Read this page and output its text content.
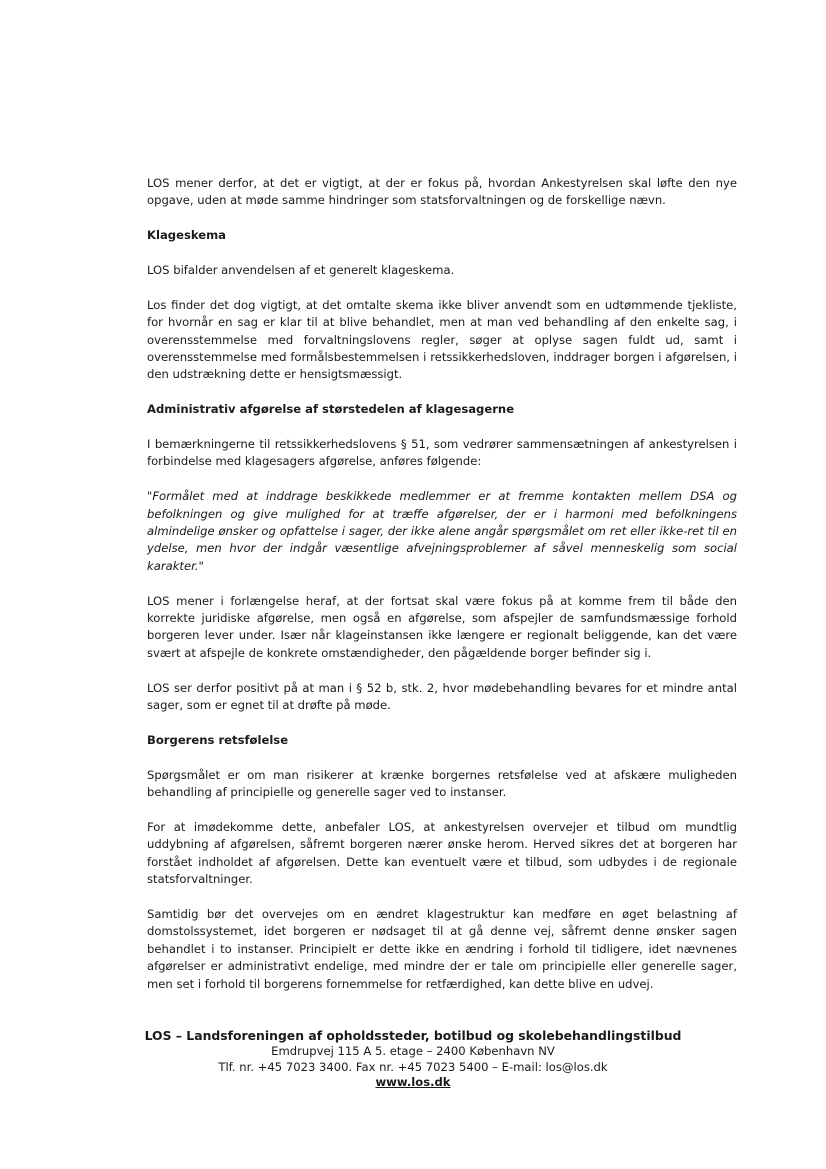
LOS mener derfor, at det er vigtigt, at der er fokus på, hvordan Ankestyrelsen skal løfte den nye opgave, uden at møde samme hindringer som statsforvaltningen og de forskellige nævn.

Klageskema

LOS bifalder anvendelsen af et generelt klageskema.

Los finder det dog vigtigt, at det omtalte skema ikke bliver anvendt som en udtømmende tjekliste, for hvornår en sag er klar til at blive behandlet, men at man ved behandling af den enkelte sag, i overensstemmelse med forvaltningslovens regler, søger at oplyse sagen fuldt ud, samt i overensstemmelse med formålsbestemmelsen i retssikkerhedsloven, inddrager borgen i afgørelsen, i den udstrækning dette er hensigtsmæssigt.

Administrativ afgørelse af størstedelen af klagesagerne

I bemærkningerne til retssikkerhedslovens § 51, som vedrører sammensætningen af ankestyrelsen i forbindelse med klagesagers afgørelse, anføres følgende:

"Formålet med at inddrage beskikkede medlemmer er at fremme kontakten mellem DSA og befolkningen og give mulighed for at træffe afgørelser, der er i harmoni med befolkningens almindelige ønsker og opfattelse i sager, der ikke alene angår spørgsmålet om ret eller ikke-ret til en ydelse, men hvor der indgår væsentlige afvejningsproblemer af såvel menneskelig som social karakter."

LOS mener i forlængelse heraf, at der fortsat skal være fokus på at komme frem til både den korrekte juridiske afgørelse, men også en afgørelse, som afspejler de samfundsmæssige forhold borgeren lever under. Især når klageinstansen ikke længere er regionalt beliggende, kan det være svært at afspejle de konkrete omstændigheder, den pågældende borger befinder sig i.

LOS ser derfor positivt på at man i § 52 b, stk. 2, hvor mødebehandling bevares for et mindre antal sager, som er egnet til at drøfte på møde.

Borgerens retsfølelse

Spørgsmålet er om man risikerer at krænke borgernes retsfølelse ved at afskære muligheden behandling af principielle og generelle sager ved to instanser.

For at imødekomme dette, anbefaler LOS, at ankestyrelsen overvejer et tilbud om mundtlig uddybning af afgørelsen, såfremt borgeren nærer ønske herom. Herved sikres det at borgeren har forstået indholdet af afgørelsen. Dette kan eventuelt være et tilbud, som udbydes i de regionale statsforvaltninger.

Samtidig bør det overvejes om en ændret klagestruktur kan medføre en øget belastning af domstolssystemet, idet borgeren er nødsaget til at gå denne vej, såfremt denne ønsker sagen behandlet i to instanser. Principielt er dette ikke en ændring i forhold til tidligere, idet nævnenes afgørelser er administrativt endelige, med mindre der er tale om principielle eller generelle sager, men set i forhold til borgerens fornemmelse for retfærdighed, kan dette blive en udvej.

LOS – Landsforeningen af opholdssteder, botilbud og skolebehandlingstilbud
Emdrupvej 115 A 5. etage – 2400 København NV
Tlf. nr. +45 7023 3400. Fax nr. +45 7023 5400 – E-mail: los@los.dk
www.los.dk
